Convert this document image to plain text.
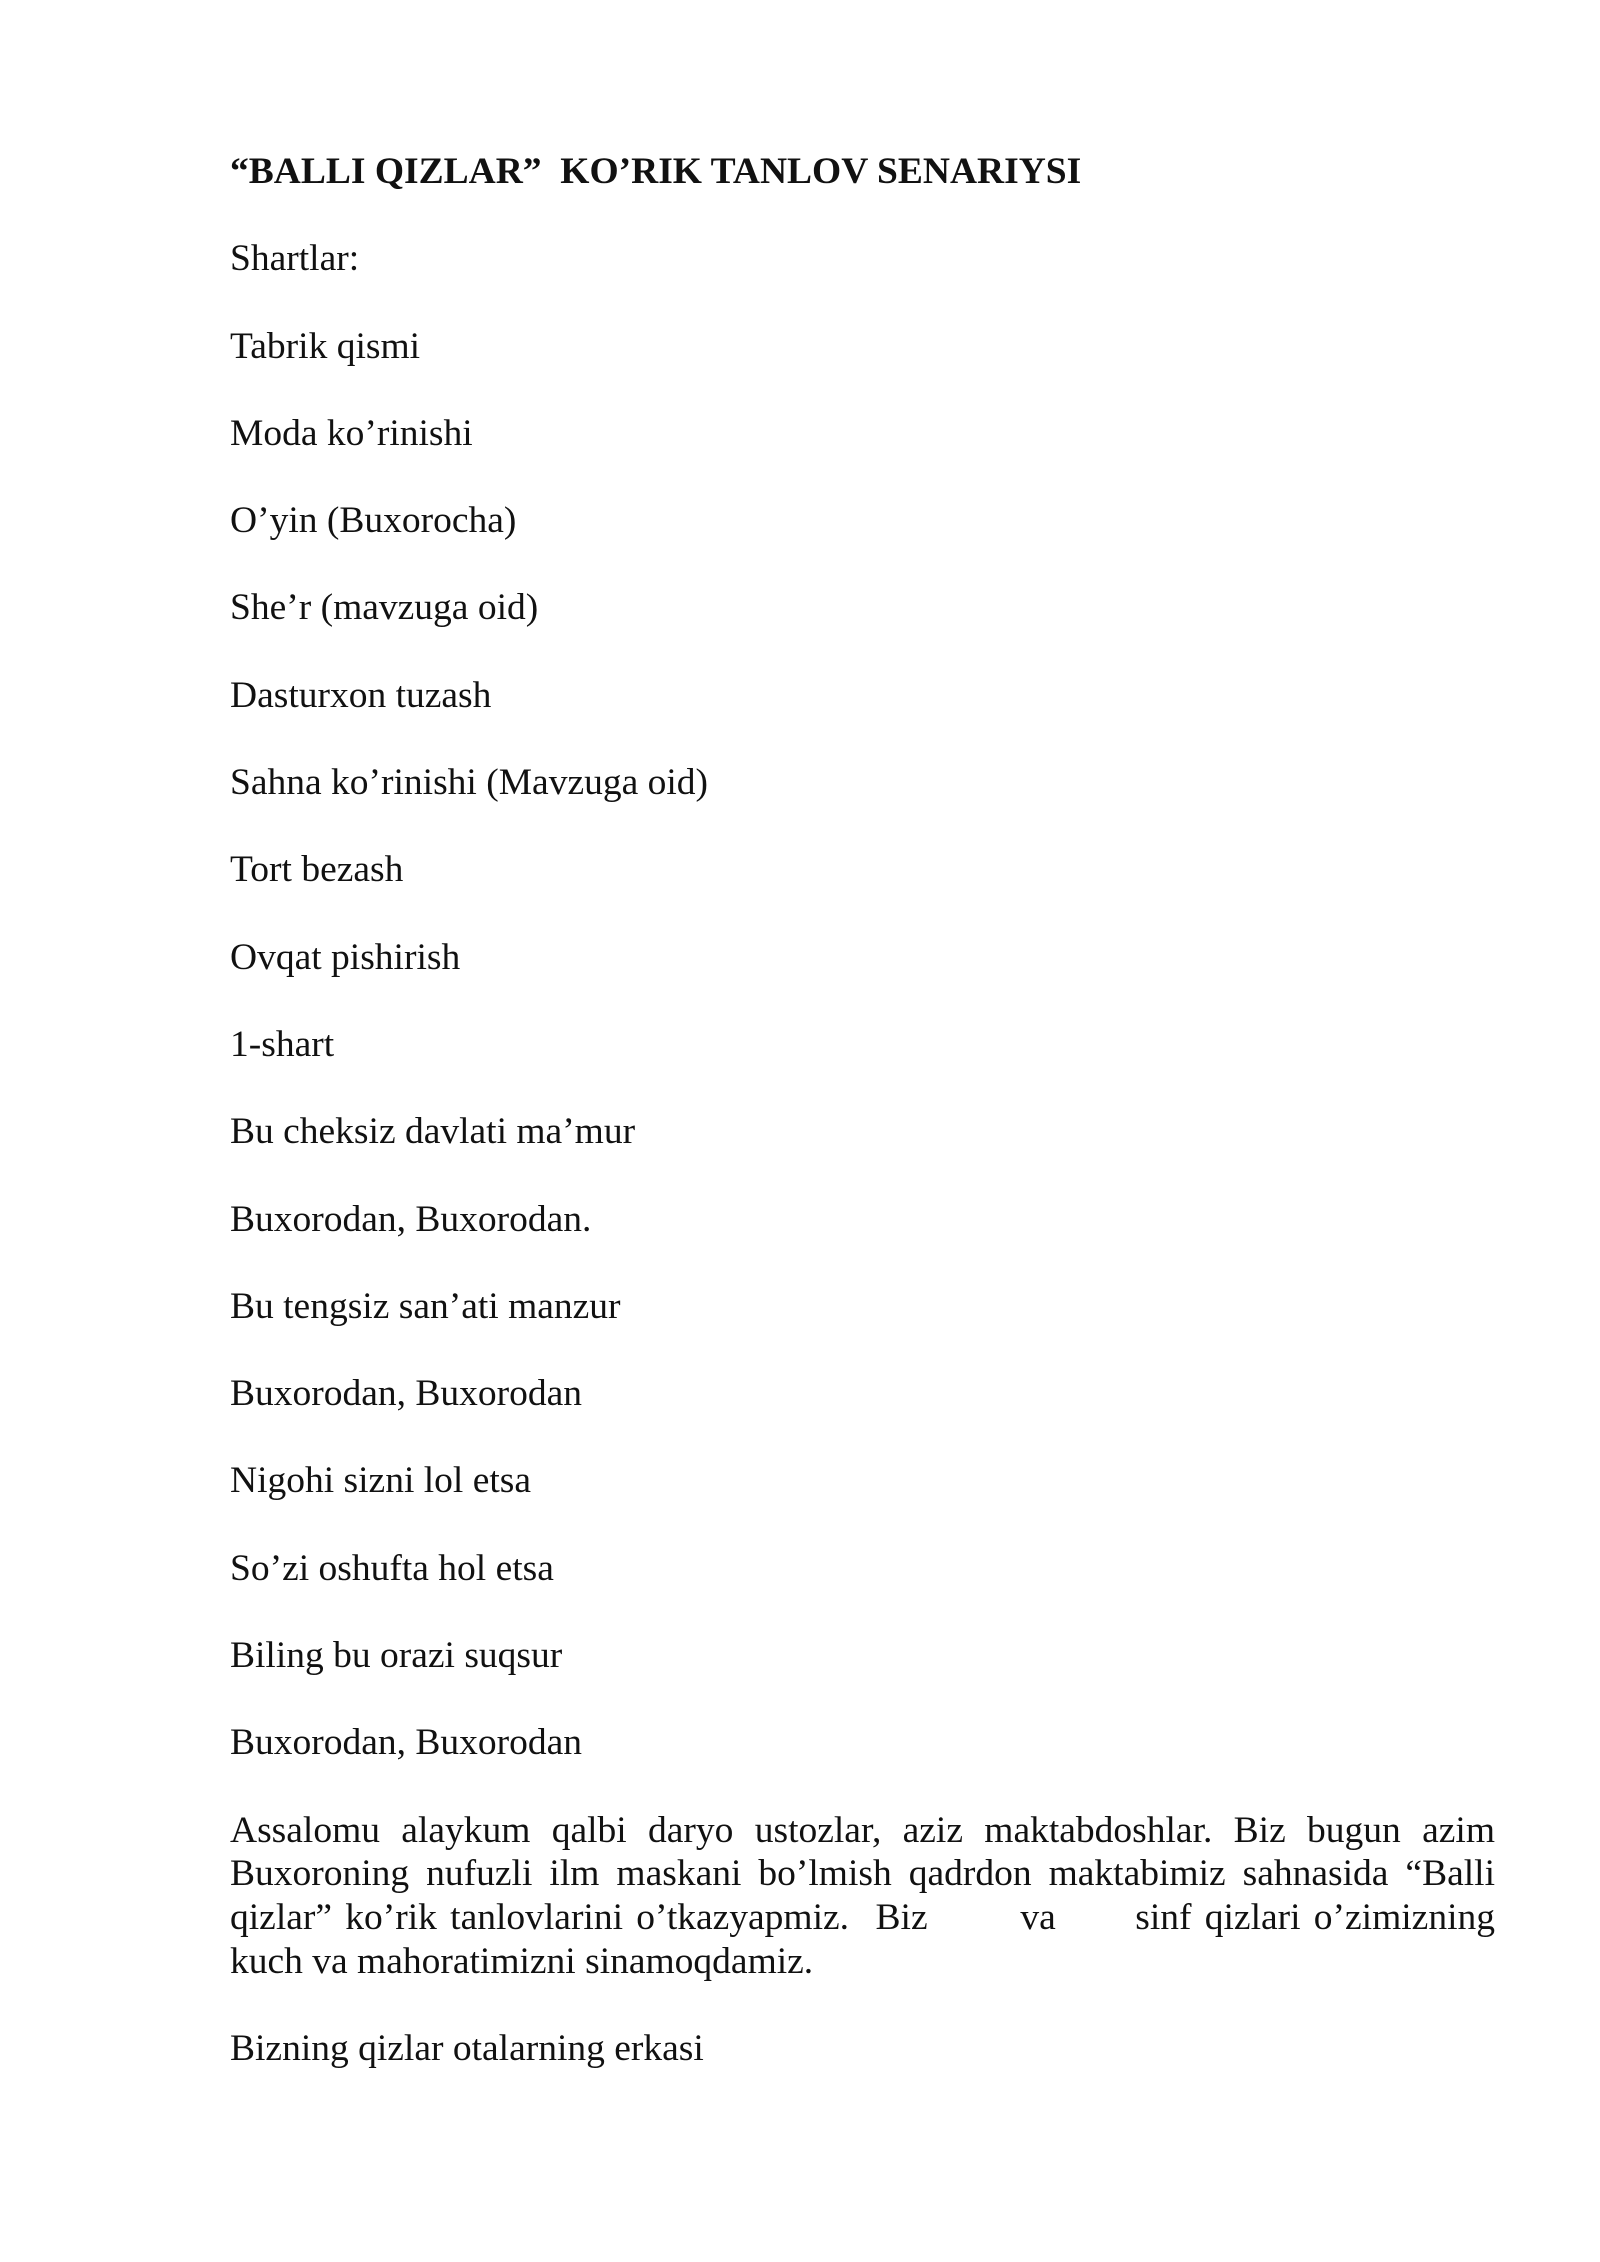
“BALLI QIZLAR”  KO’RIK TANLOV SENARIYSI
Shartlar:
Tabrik qismi
Moda ko’rinishi
O’yin (Buxorocha)
She’r (mavzuga oid)
Dasturxon tuzash
Sahna ko’rinishi (Mavzuga oid)
Tort bezash
Ovqat pishirish
1-shart
Bu cheksiz davlati ma’mur
Buxorodan, Buxorodan.
Bu tengsiz san’ati manzur
Buxorodan, Buxorodan
Nigohi sizni lol etsa
So’zi oshufta hol etsa
Biling bu orazi suqsur
Buxorodan, Buxorodan
Assalomu alaykum qalbi daryo ustozlar, aziz maktabdoshlar. Biz bugun azim
Buxoroning nufuzli ilm maskani bo’lmish qadrdon maktabimiz sahnasida “Balli
qizlar” ko’rik tanlovlarini o’tkazyapmiz.  Biz       va      sinf qizlari o’zimizning
kuch va mahoratimizni sinamoqdamiz.
Bizning qizlar otalarning erkasi
